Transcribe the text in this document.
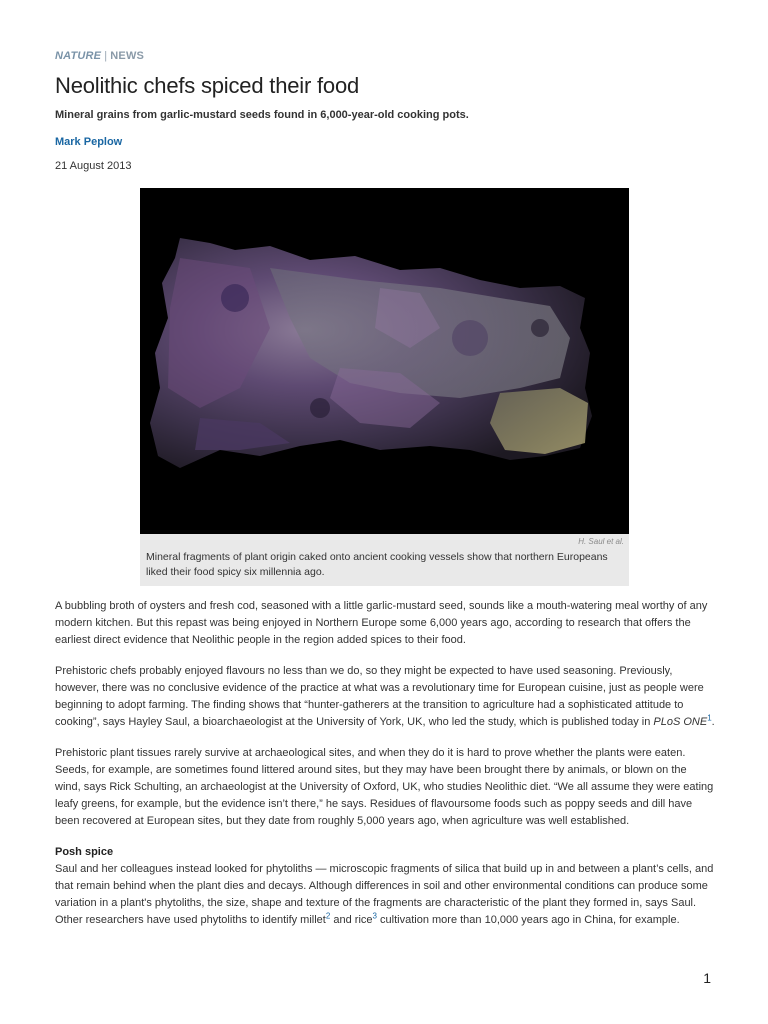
NATURE | NEWS
Neolithic chefs spiced their food
Mineral grains from garlic-mustard seeds found in 6,000-year-old cooking pots.
Mark Peplow
21 August 2013
H. Saul et al.
Mineral fragments of plant origin caked onto ancient cooking vessels show that northern Europeans liked their food spicy six millennia ago.

A bubbling broth of oysters and fresh cod, seasoned with a little garlic-mustard seed, sounds like a mouth-watering meal worthy of any modern kitchen. But this repast was being enjoyed in Northern Europe some 6,000 years ago, according to research that offers the earliest direct evidence that Neolithic people in the region added spices to their food.

Prehistoric chefs probably enjoyed flavours no less than we do, so they might be expected to have used seasoning. Previously, however, there was no conclusive evidence of the practice at what was a revolutionary time for European cuisine, just as people were beginning to adopt farming. The finding shows that “hunter-gatherers at the transition to agriculture had a sophisticated attitude to cooking”, says Hayley Saul, a bioarchaeologist at the University of York, UK, who led the study, which is published today in PLoS ONE$^1$.

Prehistoric plant tissues rarely survive at archaeological sites, and when they do it is hard to prove whether the plants were eaten. Seeds, for example, are sometimes found littered around sites, but they may have been brought there by animals, or blown on the wind, says Rick Schulting, an archaeologist at the University of Oxford, UK, who studies Neolithic diet. “We all assume they were eating leafy greens, for example, but the evidence isn’t there,” he says. Residues of flavoursome foods such as poppy seeds and dill have been recovered at European sites, but they date from roughly 5,000 years ago, when agriculture was well established.

Posh spice

Saul and her colleagues instead looked for phytoliths — microscopic fragments of silica that build up in and between a plant’s cells, and that remain behind when the plant dies and decays. Although differences in soil and other environmental conditions can produce some variation in a plant's phytoliths, the size, shape and texture of the fragments are characteristic of the plant they formed in, says Saul. Other researchers have used phytoliths to identify millet$^2$ and rice$^3$ cultivation more than 10,000 years ago in China, for example.

1
